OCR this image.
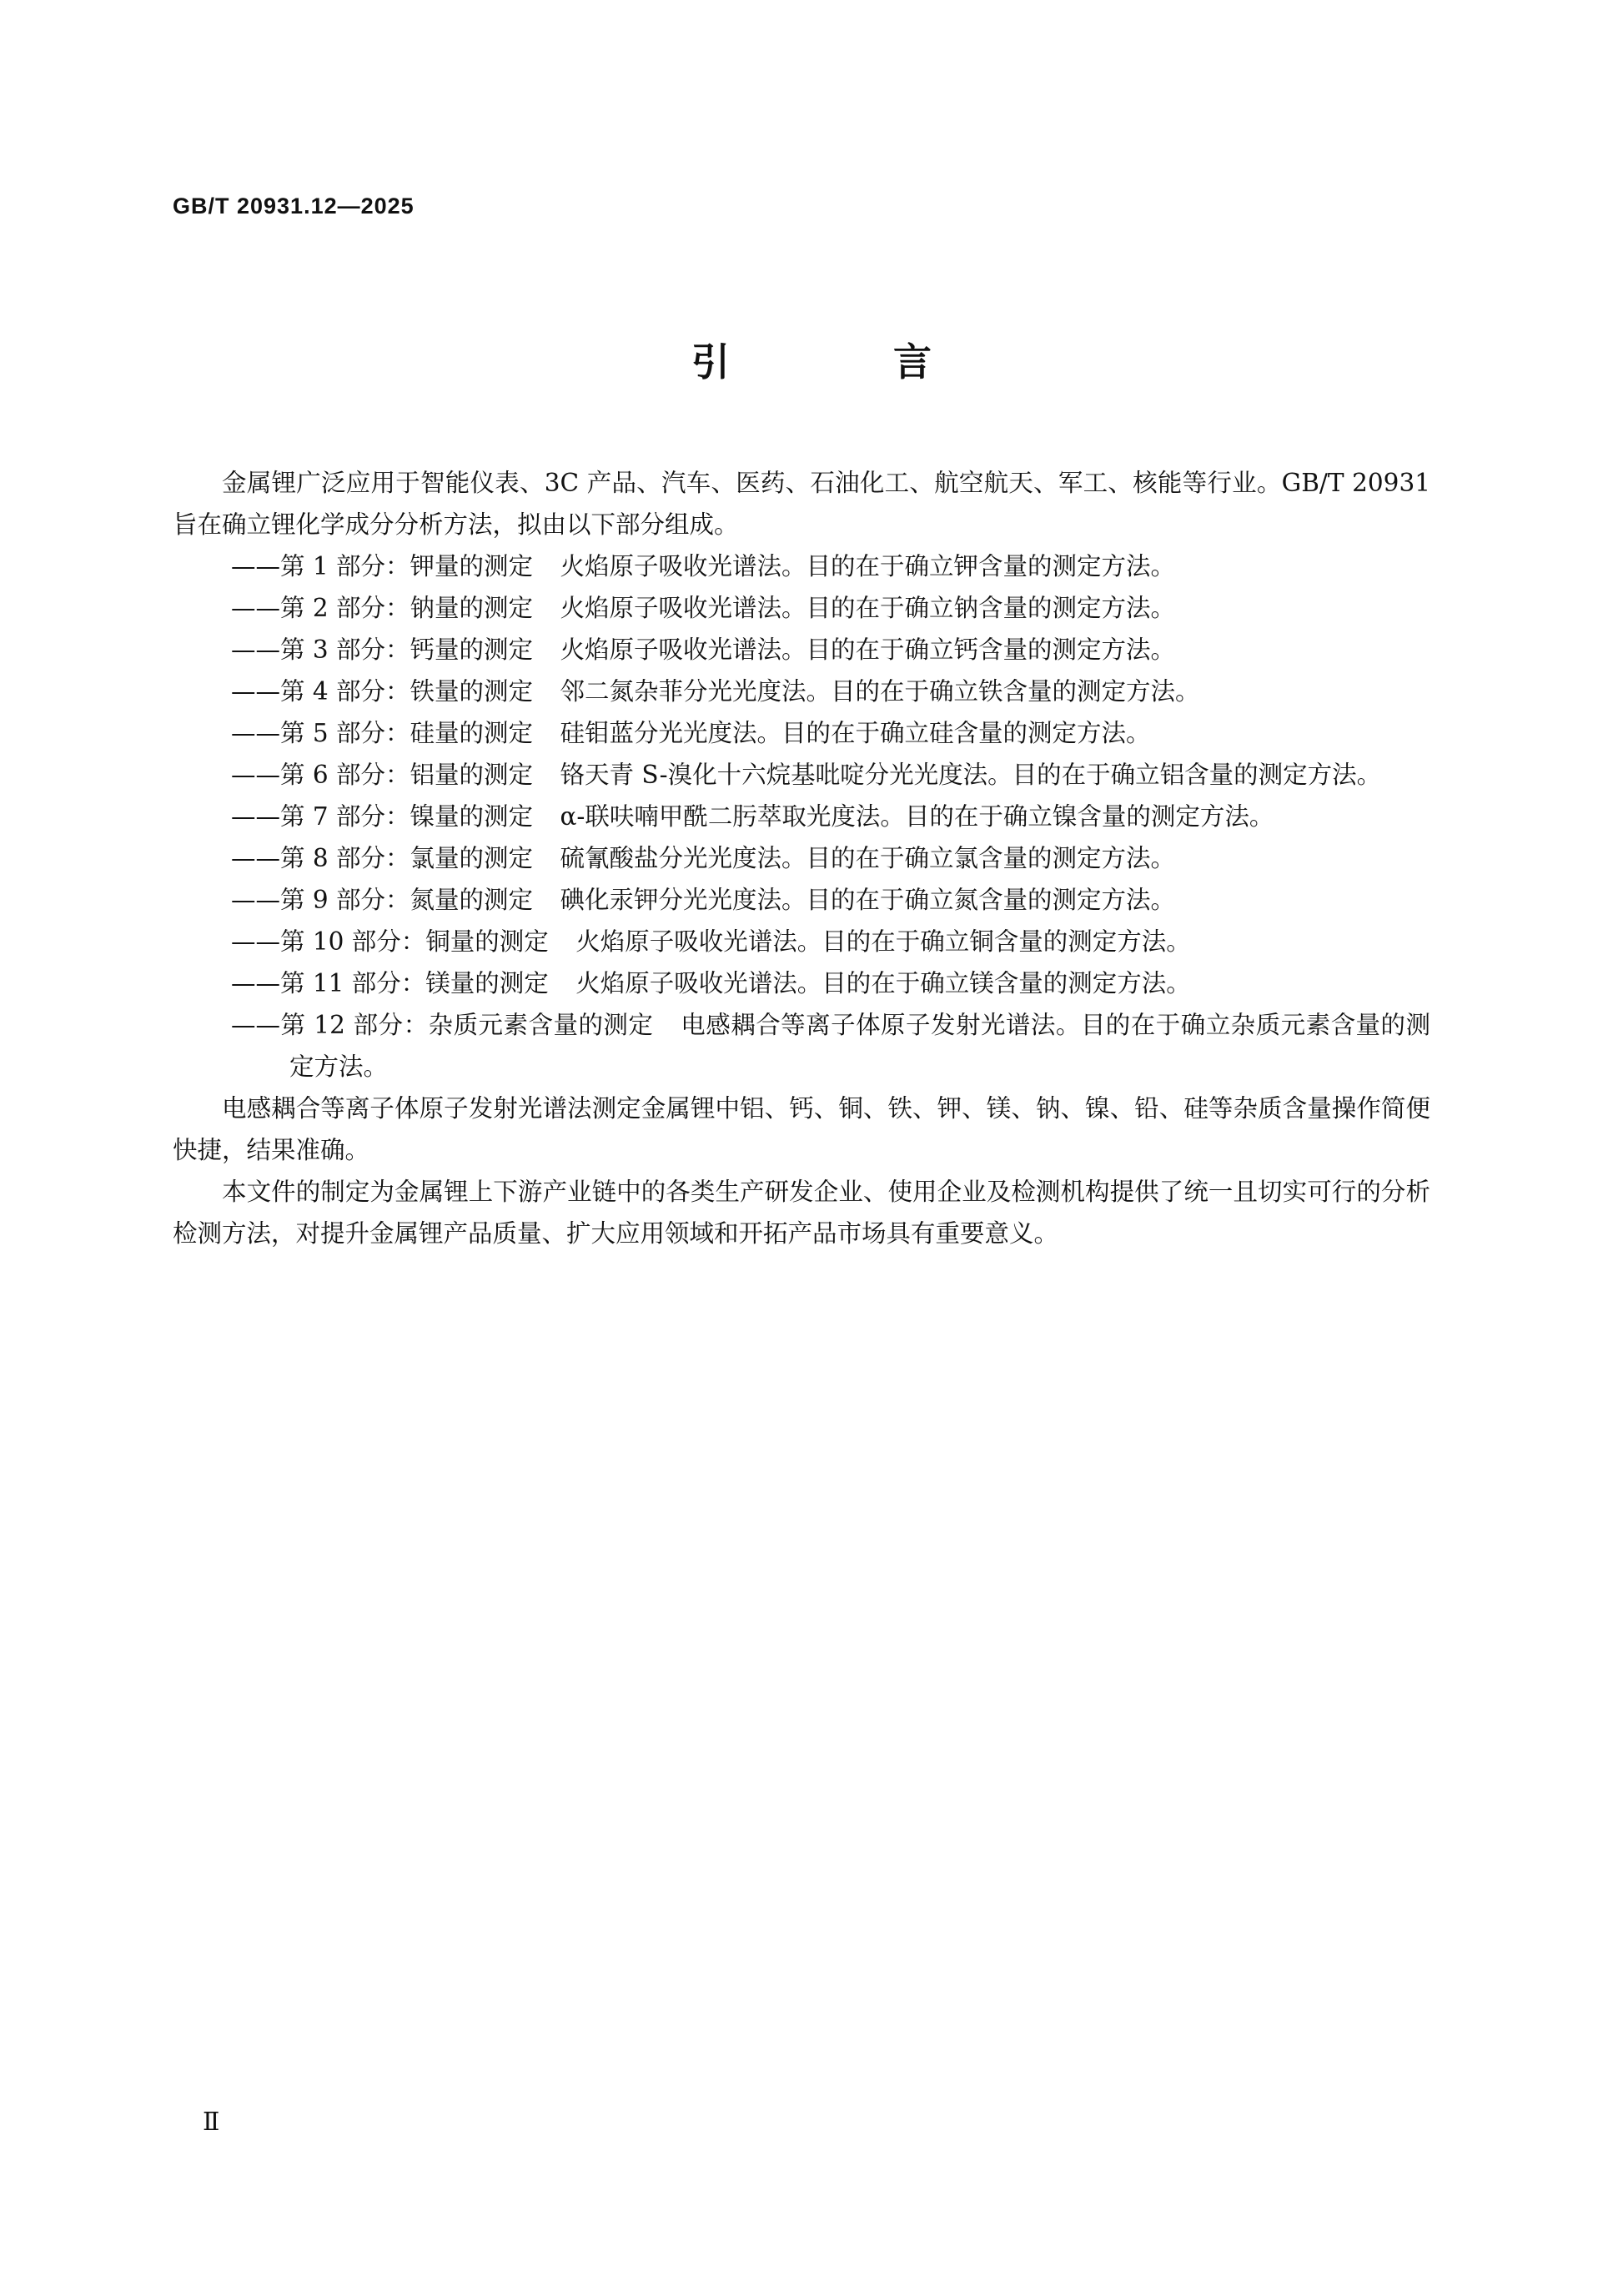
GB/T 20931.12—2025
引 言

金属锂广泛应用于智能仪表、3C 产品、汽车、医药、石油化工、航空航天、军工、核能等行业。GB/T 20931 旨在确立锂化学成分分析方法，拟由以下部分组成。

——第 1 部分：钾量的测定 火焰原子吸收光谱法。目的在于确立钾含量的测定方法。
——第 2 部分：钠量的测定 火焰原子吸收光谱法。目的在于确立钠含量的测定方法。
——第 3 部分：钙量的测定 火焰原子吸收光谱法。目的在于确立钙含量的测定方法。
——第 4 部分：铁量的测定 邻二氮杂菲分光光度法。目的在于确立铁含量的测定方法。
——第 5 部分：硅量的测定 硅钼蓝分光光度法。目的在于确立硅含量的测定方法。
——第 6 部分：铝量的测定 铬天青 S-溴化十六烷基吡啶分光光度法。目的在于确立铝含量的测定方法。
——第 7 部分：镍量的测定 α-联呋喃甲酰二肟萃取光度法。目的在于确立镍含量的测定方法。
——第 8 部分：氯量的测定 硫氰酸盐分光光度法。目的在于确立氯含量的测定方法。
——第 9 部分：氮量的测定 碘化汞钾分光光度法。目的在于确立氮含量的测定方法。
——第 10 部分：铜量的测定 火焰原子吸收光谱法。目的在于确立铜含量的测定方法。
——第 11 部分：镁量的测定 火焰原子吸收光谱法。目的在于确立镁含量的测定方法。
——第 12 部分：杂质元素含量的测定 电感耦合等离子体原子发射光谱法。目的在于确立杂质元素含量的测定方法。

电感耦合等离子体原子发射光谱法测定金属锂中铝、钙、铜、铁、钾、镁、钠、镍、铅、硅等杂质含量操作简便快捷，结果准确。

本文件的制定为金属锂上下游产业链中的各类生产研发企业、使用企业及检测机构提供了统一且切实可行的分析检测方法，对提升金属锂产品质量、扩大应用领域和开拓产品市场具有重要意义。

Ⅱ
